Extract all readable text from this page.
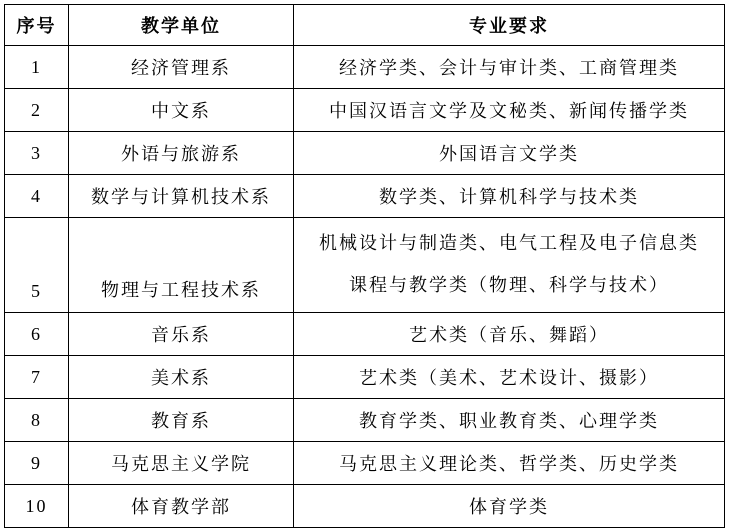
序号	教学单位	专业要求
1	经济管理系	经济学类、会计与审计类、工商管理类
2	中文系	中国汉语言文学及文秘类、新闻传播学类
3	外语与旅游系	外国语言文学类
4	数学与计算机技术系	数学类、计算机科学与技术类
5	物理与工程技术系	机械设计与制造类、电气工程及电子信息类
课程与教学类（物理、科学与技术）

6	音乐系	艺术类（音乐、舞蹈）
7	美术系	艺术类（美术、艺术设计、摄影）
8	教育系	教育学类、职业教育类、心理学类
9	马克思主义学院	马克思主义理论类、哲学类、历史学类
10	体育教学部	体育学类
